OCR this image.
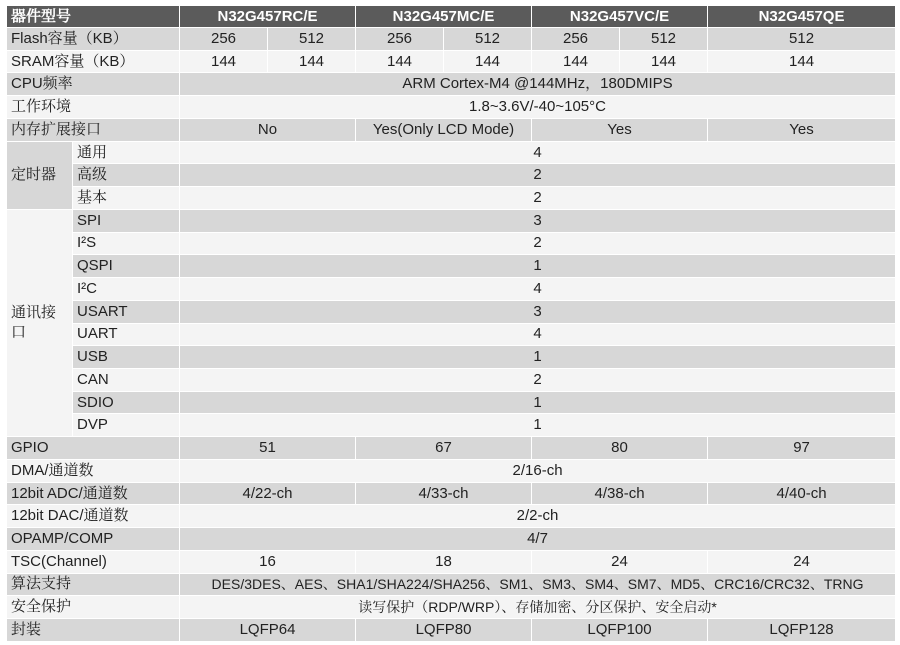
器件型号		N32G457RC/E		N32G457MC/E		N32G457VC/E		N32G457QE
Flash容量（KB）		256	512	256	512	256	512	512
SRAM容量（KB）		144	144	144	144	144	144	144
CPU频率		ARM Cortex-M4 @144MHz，180DMIPS						
工作环境		1.8~3.6V/-40~105°C						
内存扩展接口		No		Yes(Only LCD Mode)		Yes		Yes
定时器	通用	4						
	高级	2						
	基本	2						
通讯接口	SPI	3						
	I²S	2						
	QSPI	1						
	I²C	4						
	USART	3						
	UART	4						
	USB	1						
	CAN	2						
	SDIO	1						
	DVP	1						
GPIO		51		67		80		97
DMA/通道数		2/16-ch						
12bit ADC/通道数		4/22-ch		4/33-ch		4/38-ch		4/40-ch
12bit DAC/通道数		2/2-ch						
OPAMP/COMP		4/7						
TSC(Channel)		16		18		24		24
算法支持		DES/3DES、AES、SHA1/SHA224/SHA256、SM1、SM3、SM4、SM7、MD5、CRC16/CRC32、TRNG						
安全保护		读写保护（RDP/WRP）、存储加密、分区保护、安全启动*						
封装		LQFP64		LQFP80		LQFP100		LQFP128
